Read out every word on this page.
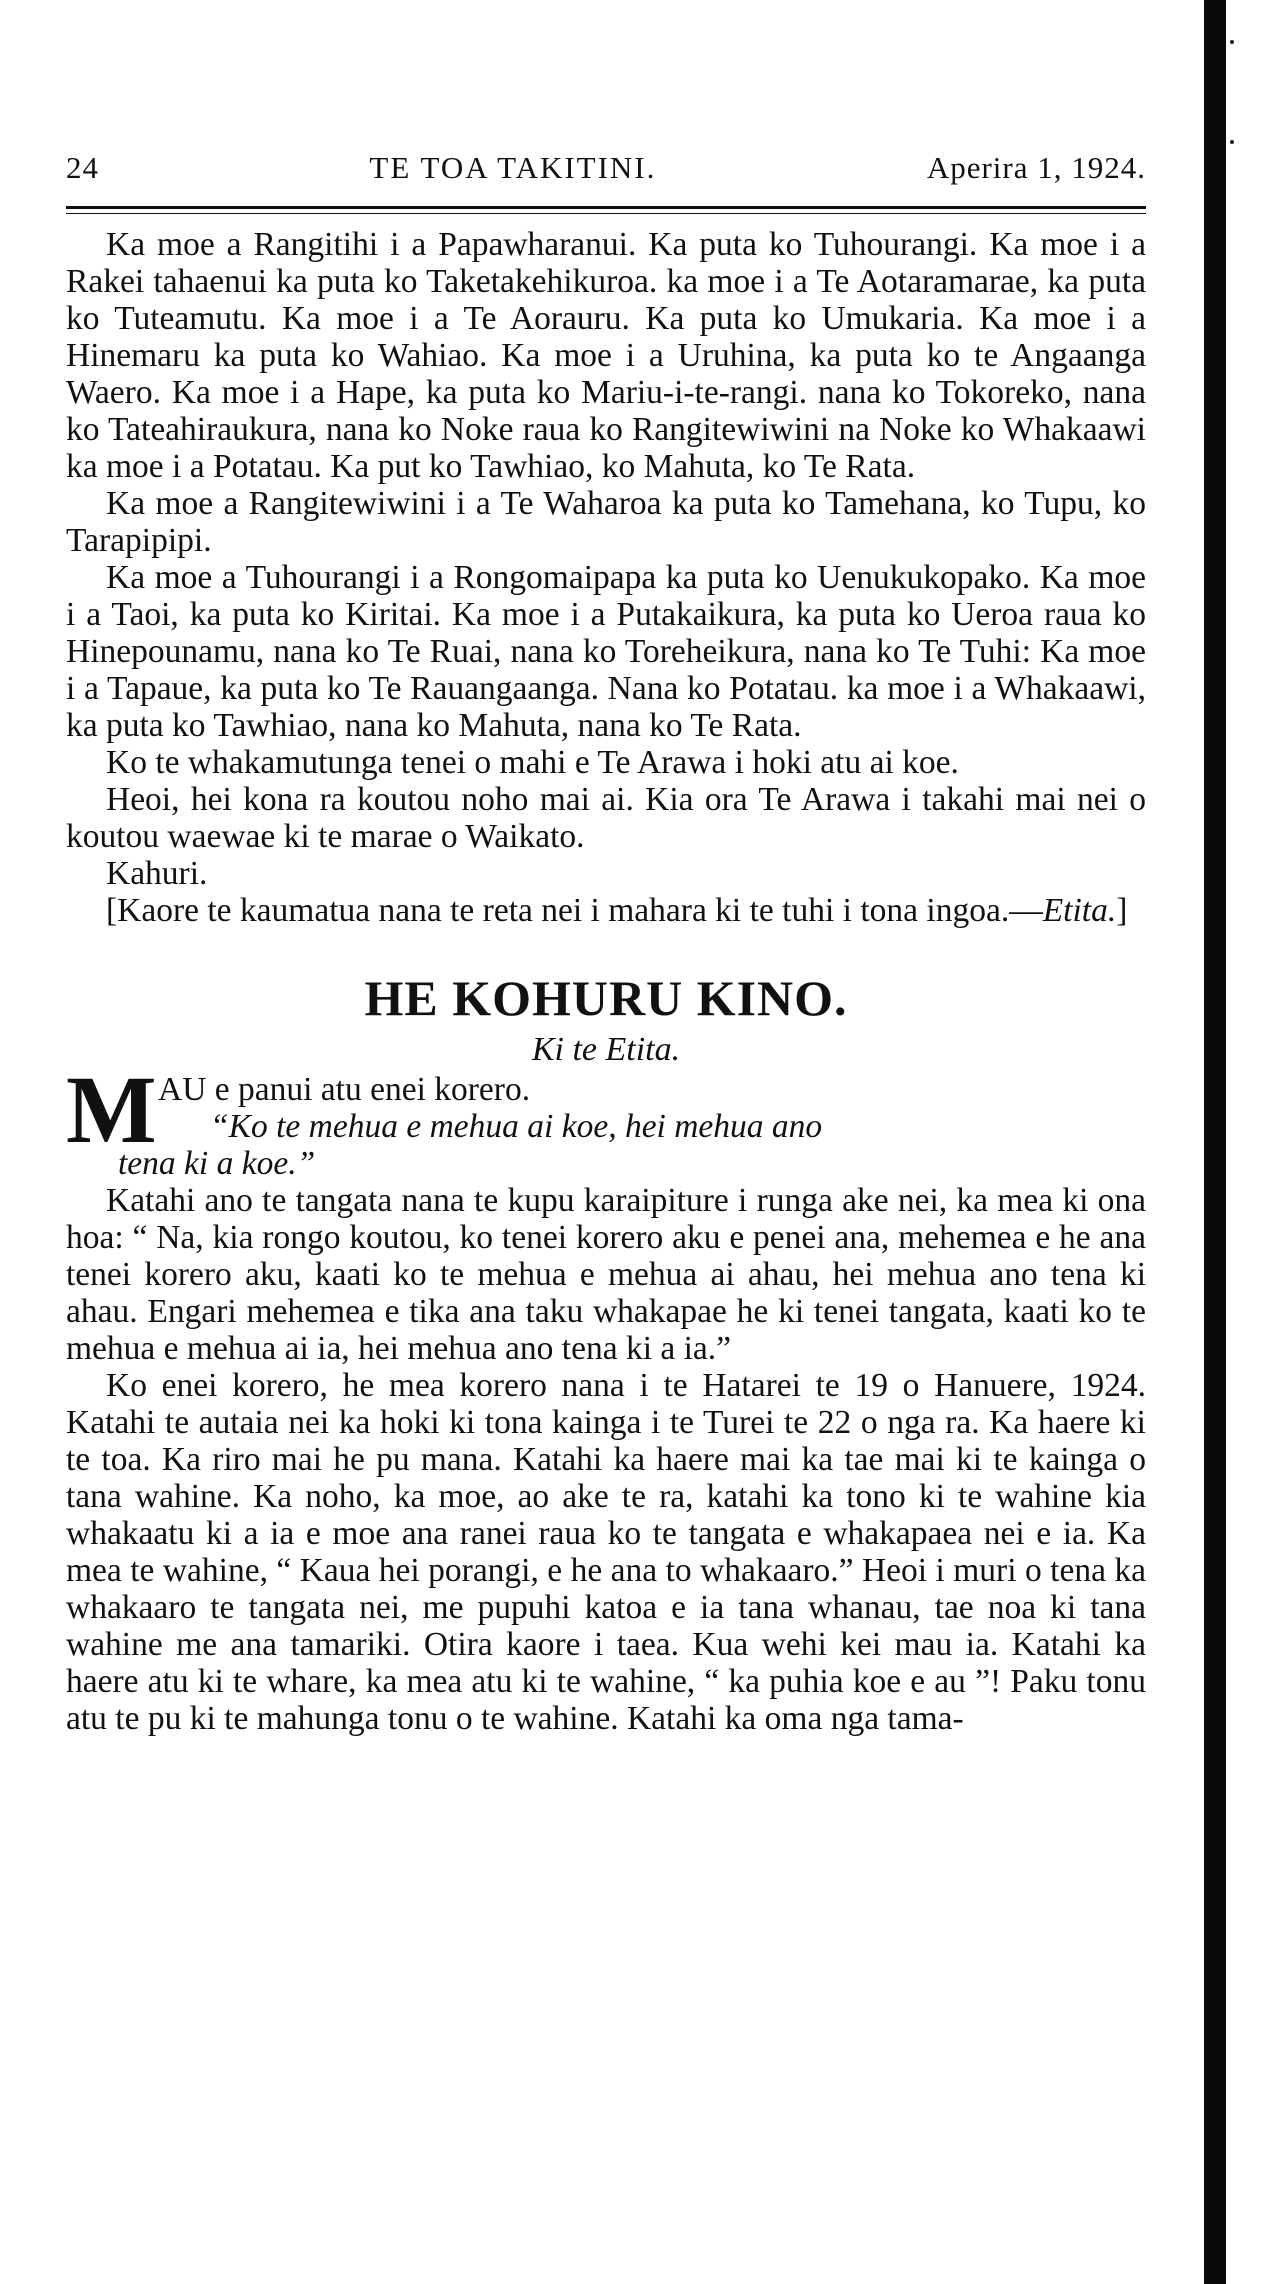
24	TE TOA TAKITINI.	Aperira 1, 1924.

Ka moe a Rangitihi i a Papawharanui. Ka puta ko Tuhourangi. Ka moe i a Rakei tahaenui ka puta ko Taketakehikuroa. ka moe i a Te Aotaramarae, ka puta ko Tuteamutu. Ka moe i a Te Aorauru. Ka puta ko Umukaria. Ka moe i a Hinemaru ka puta ko Wahiao. Ka moe i a Uruhina, ka puta ko te Angaanga Waero. Ka moe i a Hape, ka puta ko Mariu-i-te-rangi. nana ko Tokoreko, nana ko Tateahiraukura, nana ko Noke raua ko Rangitewiwini na Noke ko Whakaawi ka moe i a Potatau. Ka put ko Tawhiao, ko Mahuta, ko Te Rata.

Ka moe a Rangitewiwini i a Te Waharoa ka puta ko Tamehana, ko Tupu, ko Tarapipipi.

Ka moe a Tuhourangi i a Rongomaipapa ka puta ko Uenukukopako. Ka moe i a Taoi, ka puta ko Kiritai. Ka moe i a Putakaikura, ka puta ko Ueroa raua ko Hinepounamu, nana ko Te Ruai, nana ko Toreheikura, nana ko Te Tuhi: Ka moe i a Tapaue, ka puta ko Te Rauangaanga. Nana ko Potatau. ka moe i a Whakaawi, ka puta ko Tawhiao, nana ko Mahuta, nana ko Te Rata.

Ko te whakamutunga tenei o mahi e Te Arawa i hoki atu ai koe.

Heoi, hei kona ra koutou noho mai ai. Kia ora Te Arawa i takahi mai nei o koutou waewae ki te marae o Waikato.

Kahuri.

[Kaore te kaumatua nana te reta nei i mahara ki te tuhi i tona ingoa.—Etita.]

HE KOHURU KINO.
Ki te Etita.
M AU e panui atu enei korero.
“Ko te mehua e mehua ai koe, hei mehua ano
tena ki a koe.”

Katahi ano te tangata nana te kupu karaipiture i runga ake nei, ka mea ki ona hoa: “ Na, kia rongo koutou, ko tenei korero aku e penei ana, mehemea e he ana tenei korero aku, kaati ko te mehua e mehua ai ahau, hei mehua ano tena ki ahau. Engari mehemea e tika ana taku whakapae he ki tenei tangata, kaati ko te mehua e mehua ai ia, hei mehua ano tena ki a ia.”

Ko enei korero, he mea korero nana i te Hatarei te 19 o Hanuere, 1924. Katahi te autaia nei ka hoki ki tona kainga i te Turei te 22 o nga ra. Ka haere ki te toa. Ka riro mai he pu mana. Katahi ka haere mai ka tae mai ki te kainga o tana wahine. Ka noho, ka moe, ao ake te ra, katahi ka tono ki te wahine kia whakaatu ki a ia e moe ana ranei raua ko te tangata e whakapaea nei e ia. Ka mea te wahine, “ Kaua hei porangi, e he ana to whakaaro.” Heoi i muri o tena ka whakaaro te tangata nei, me pupuhi katoa e ia tana whanau, tae noa ki tana wahine me ana tamariki. Otira kaore i taea. Kua wehi kei mau ia. Katahi ka haere atu ki te whare, ka mea atu ki te wahine, “ ka puhia koe e au ”! Paku tonu atu te pu ki te mahunga tonu o te wahine. Katahi ka oma nga tama-
